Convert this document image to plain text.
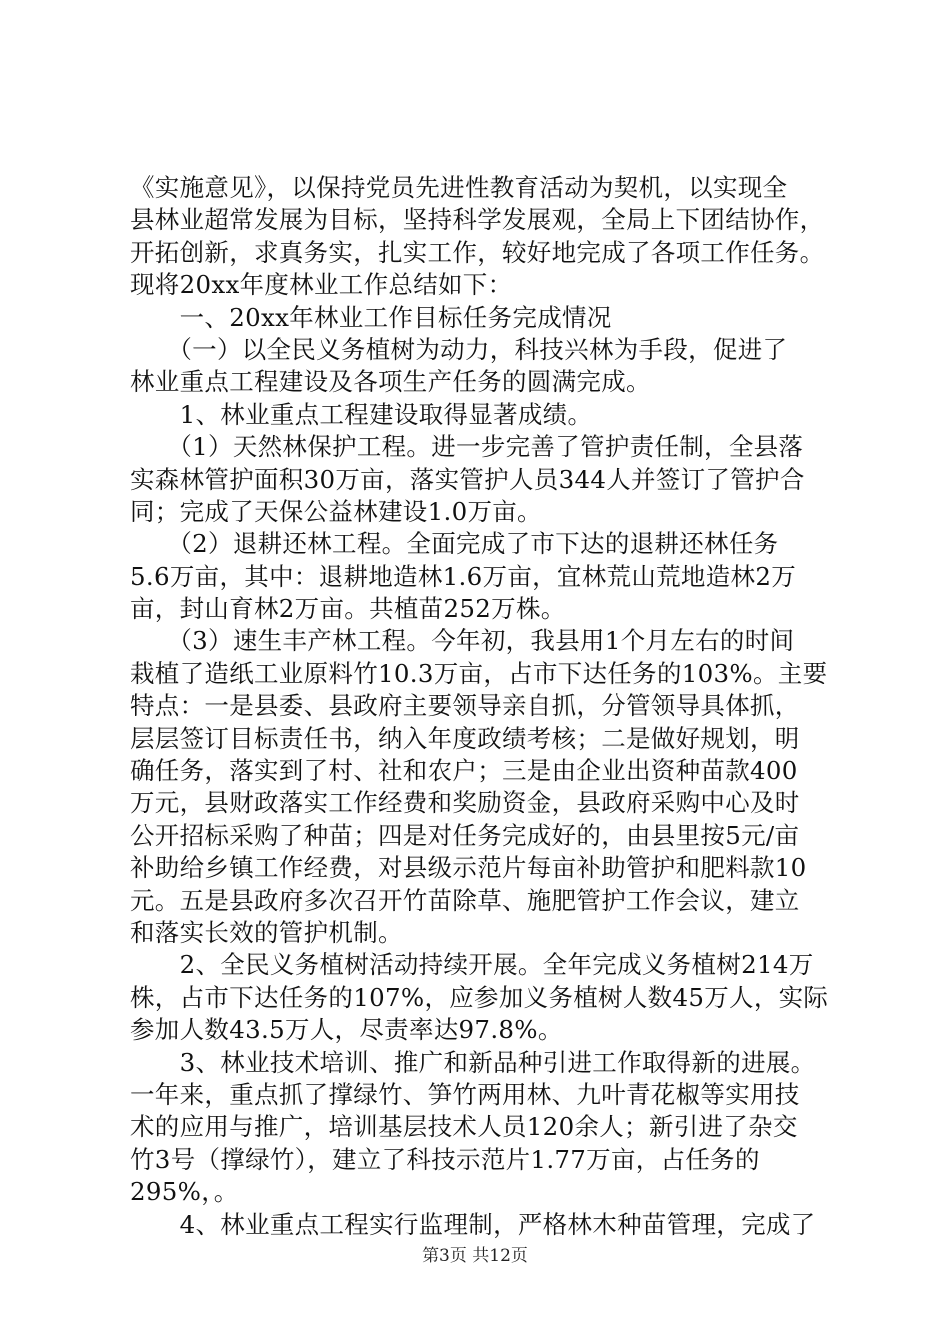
《实施意见》，以保持党员先进性教育活动为契机，以实现全
县林业超常发展为目标，坚持科学发展观，全局上下团结协作，
开拓创新，求真务实，扎实工作，较好地完成了各项工作任务。
现将20xx年度林业工作总结如下：
　　一、20xx年林业工作目标任务完成情况
　　（一）以全民义务植树为动力，科技兴林为手段，促进了
林业重点工程建设及各项生产任务的圆满完成。
　　1、林业重点工程建设取得显著成绩。
　　（1）天然林保护工程。进一步完善了管护责任制，全县落
实森林管护面积30万亩，落实管护人员344人并签订了管护合
同；完成了天保公益林建设1.0万亩。
　　（2）退耕还林工程。全面完成了市下达的退耕还林任务
5.6万亩，其中：退耕地造林1.6万亩，宜林荒山荒地造林2万
亩，封山育林2万亩。共植苗252万株。
　　（3）速生丰产林工程。今年初，我县用1个月左右的时间
栽植了造纸工业原料竹10.3万亩，占市下达任务的103%。主要
特点：一是县委、县政府主要领导亲自抓，分管领导具体抓，
层层签订目标责任书，纳入年度政绩考核；二是做好规划，明
确任务，落实到了村、社和农户；三是由企业出资种苗款400
万元，县财政落实工作经费和奖励资金，县政府采购中心及时
公开招标采购了种苗；四是对任务完成好的，由县里按5元/亩
补助给乡镇工作经费，对县级示范片每亩补助管护和肥料款10
元。五是县政府多次召开竹苗除草、施肥管护工作会议，建立
和落实长效的管护机制。
　　2、全民义务植树活动持续开展。全年完成义务植树214万
株，占市下达任务的107%，应参加义务植树人数45万人，实际
参加人数43.5万人，尽责率达97.8%。
　　3、林业技术培训、推广和新品种引进工作取得新的进展。
一年来，重点抓了撑绿竹、笋竹两用林、九叶青花椒等实用技
术的应用与推广，培训基层技术人员120余人；新引进了杂交
竹3号（撑绿竹），建立了科技示范片1.77万亩，占任务的
295%，。
　　4、林业重点工程实行监理制，严格林木种苗管理，完成了
第3页 共12页
